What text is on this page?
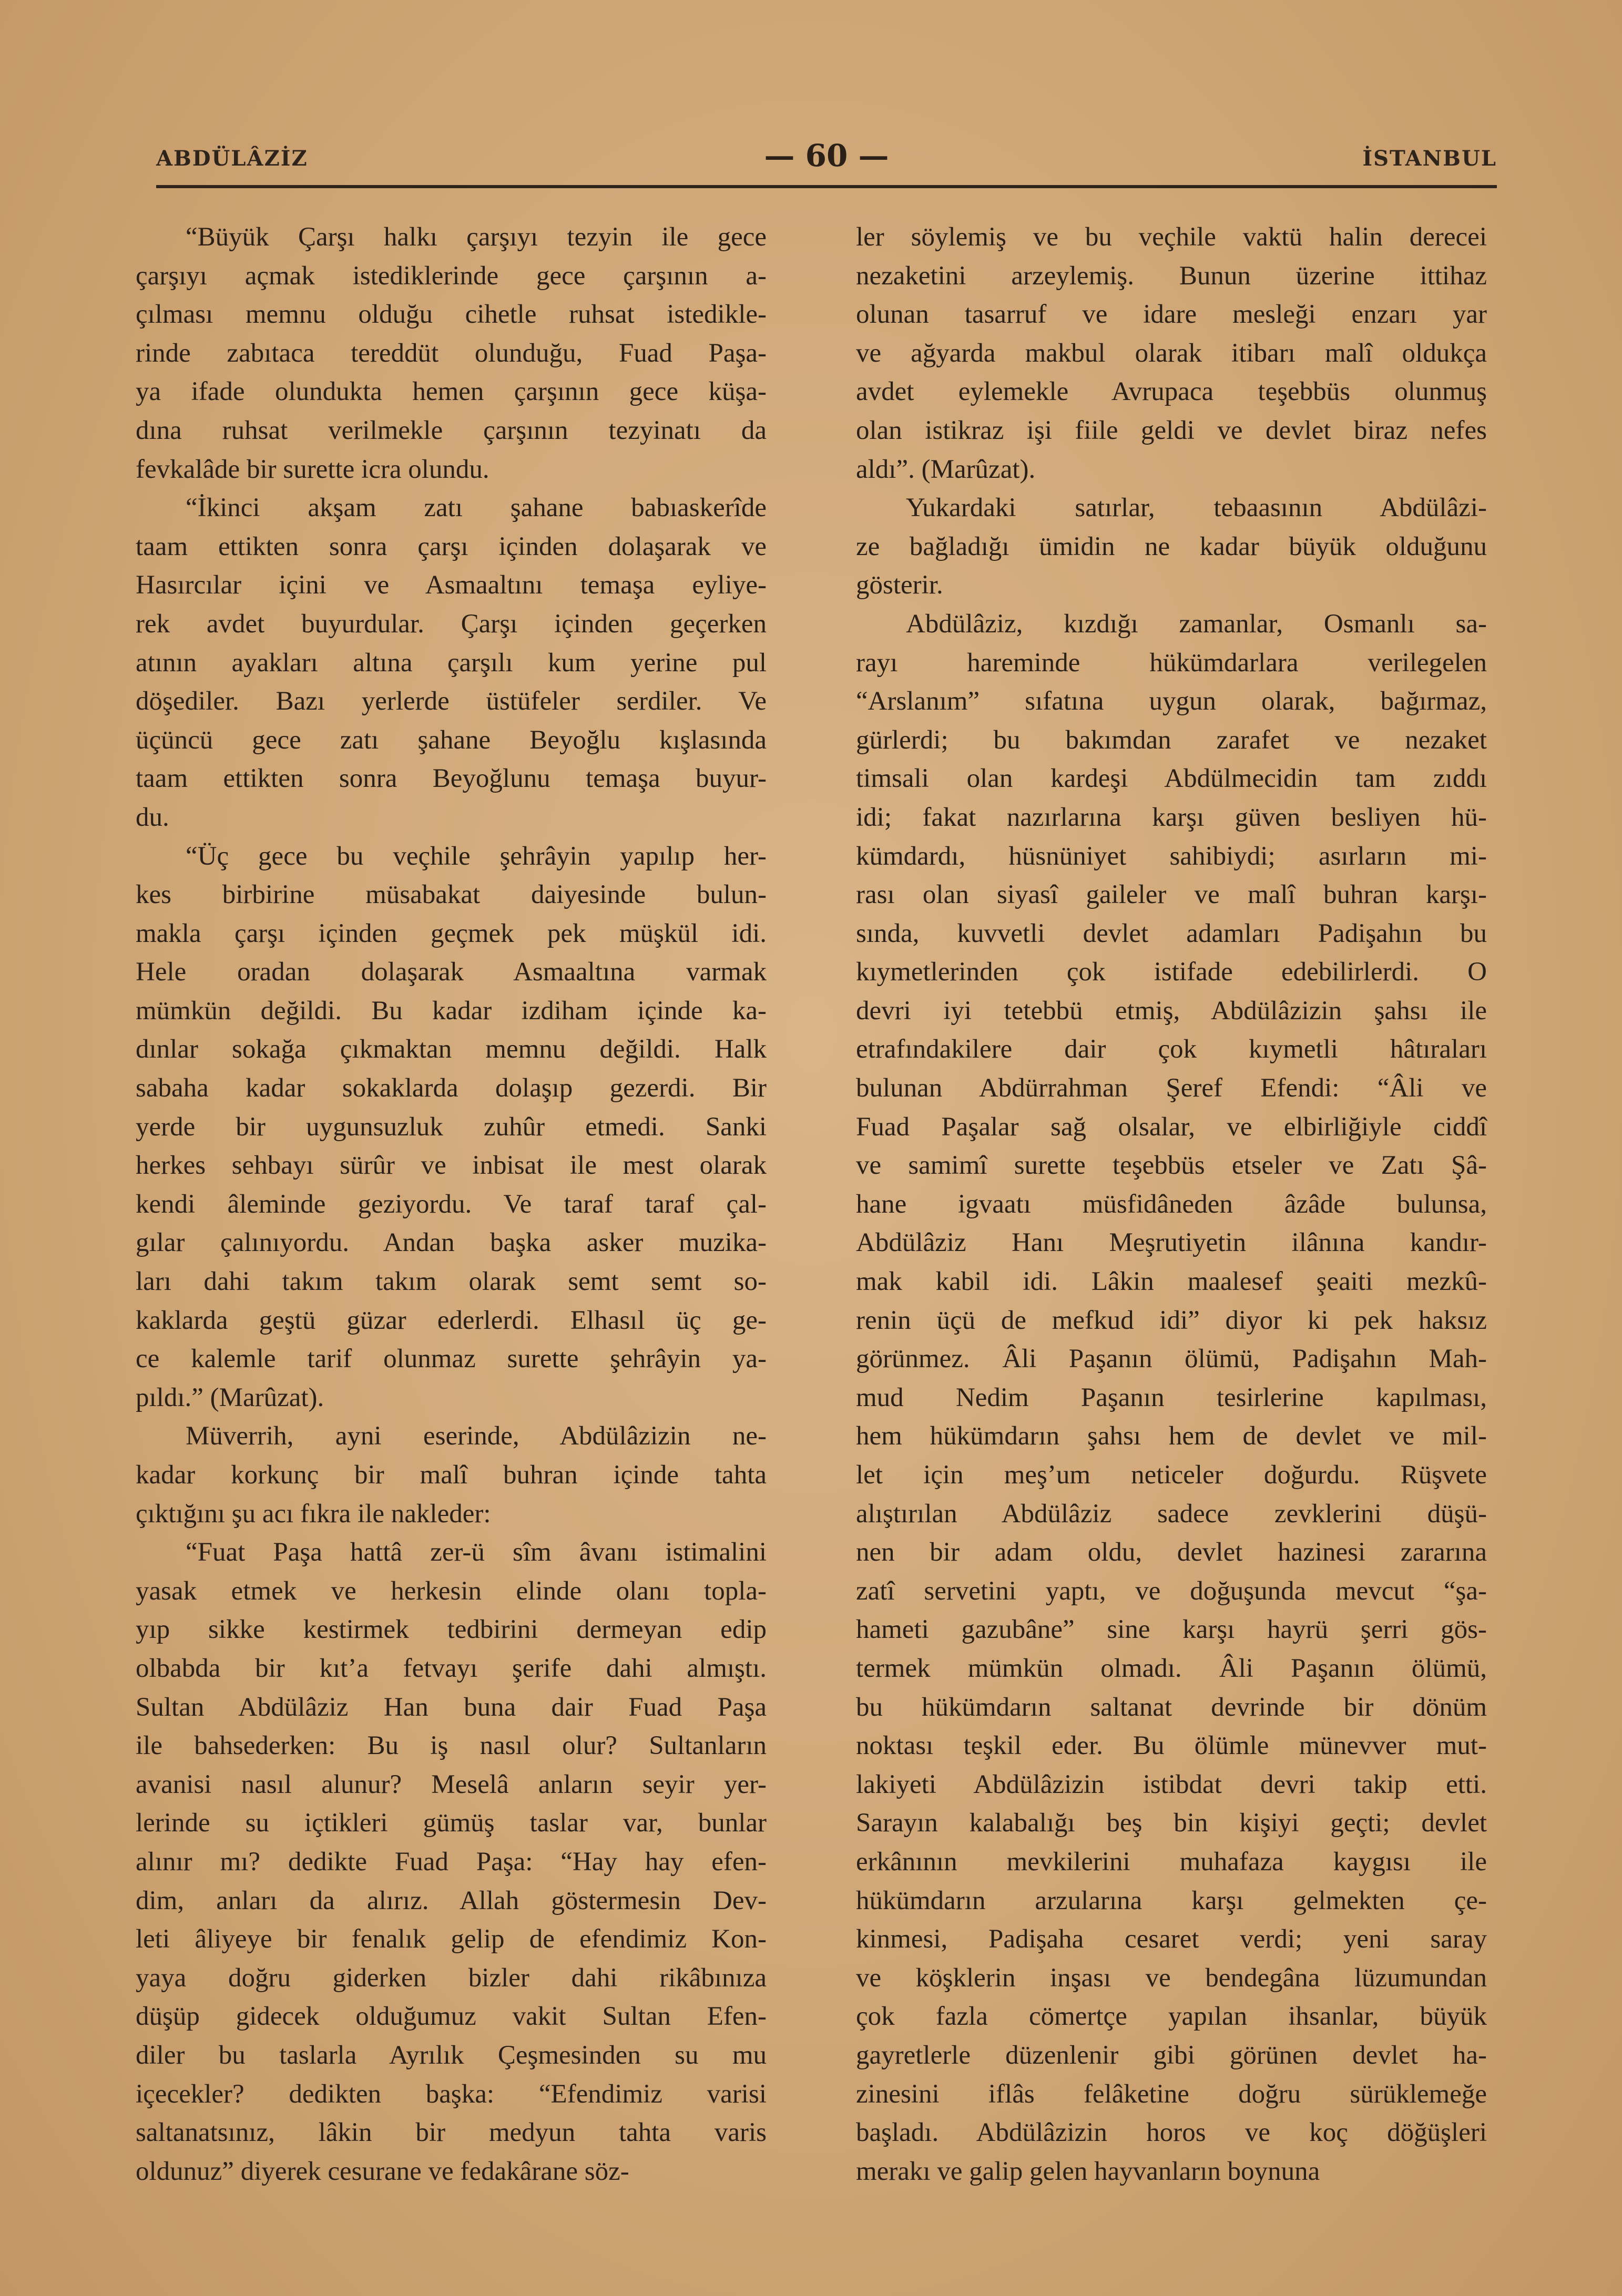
ABDÜLÂZİZ	— 60 —	İSTANBUL
“Büyük Çarşı halkı çarşıyı tezyin ile gece
çarşıyı açmak istediklerinde gece çarşının a-
çılması memnu olduğu cihetle ruhsat istedikle-
rinde zabıtaca tereddüt olunduğu, Fuad Paşa-
ya ifade olundukta hemen çarşının gece küşa-
dına ruhsat verilmekle çarşının tezyinatı da
fevkalâde bir surette icra olundu.
“İkinci akşam zatı şahane babıaskerîde
taam ettikten sonra çarşı içinden dolaşarak ve
Hasırcılar içini ve Asmaaltını temaşa eyliye-
rek avdet buyurdular. Çarşı içinden geçerken
atının ayakları altına çarşılı kum yerine pul
döşediler. Bazı yerlerde üstüfeler serdiler. Ve
üçüncü gece zatı şahane Beyoğlu kışlasında
taam ettikten sonra Beyoğlunu temaşa buyur-
du.
“Üç gece bu veçhile şehrâyin yapılıp her-
kes birbirine müsabakat daiyesinde bulun-
makla çarşı içinden geçmek pek müşkül idi.
Hele oradan dolaşarak Asmaaltına varmak
mümkün değildi. Bu kadar izdiham içinde ka-
dınlar sokağa çıkmaktan memnu değildi. Halk
sabaha kadar sokaklarda dolaşıp gezerdi. Bir
yerde bir uygunsuzluk zuhûr etmedi. Sanki
herkes sehbayı sürûr ve inbisat ile mest olarak
kendi âleminde geziyordu. Ve taraf taraf çal-
gılar çalınıyordu. Andan başka asker muzika-
ları dahi takım takım olarak semt semt so-
kaklarda geştü güzar ederlerdi. Elhasıl üç ge-
ce kalemle tarif olunmaz surette şehrâyin ya-
pıldı.” (Marûzat).
Müverrih, ayni eserinde, Abdülâzizin ne-
kadar korkunç bir malî buhran içinde tahta
çıktığını şu acı fıkra ile nakleder:
“Fuat Paşa hattâ zer-ü sîm âvanı istimalini
yasak etmek ve herkesin elinde olanı topla-
yıp sikke kestirmek tedbirini dermeyan edip
olbabda bir kıt’a fetvayı şerife dahi almıştı.
Sultan Abdülâziz Han buna dair Fuad Paşa
ile bahsederken: Bu iş nasıl olur? Sultanların
avanisi nasıl alunur? Meselâ anların seyir yer-
lerinde su içtikleri gümüş taslar var, bunlar
alınır mı? dedikte Fuad Paşa: “Hay hay efen-
dim, anları da alırız. Allah göstermesin Dev-
leti âliyeye bir fenalık gelip de efendimiz Kon-
yaya doğru giderken bizler dahi rikâbınıza
düşüp gidecek olduğumuz vakit Sultan Efen-
diler bu taslarla Ayrılık Çeşmesinden su mu
içecekler? dedikten başka: “Efendimiz varisi
saltanatsınız, lâkin bir medyun tahta varis
oldunuz” diyerek cesurane ve fedakârane söz-
ler söylemiş ve bu veçhile vaktü halin derecei
nezaketini arzeylemiş. Bunun üzerine ittihaz
olunan tasarruf ve idare mesleği enzarı yar
ve ağyarda makbul olarak itibarı malî oldukça
avdet eylemekle Avrupaca teşebbüs olunmuş
olan istikraz işi fiile geldi ve devlet biraz nefes
aldı”. (Marûzat).
Yukardaki satırlar, tebaasının Abdülâzi-
ze bağladığı ümidin ne kadar büyük olduğunu
gösterir.
Abdülâziz, kızdığı zamanlar, Osmanlı sa-
rayı hareminde hükümdarlara verilegelen
“Arslanım” sıfatına uygun olarak, bağırmaz,
gürlerdi; bu bakımdan zarafet ve nezaket
timsali olan kardeşi Abdülmecidin tam zıddı
idi; fakat nazırlarına karşı güven besliyen hü-
kümdardı, hüsnüniyet sahibiydi; asırların mi-
rası olan siyasî gaileler ve malî buhran karşı-
sında, kuvvetli devlet adamları Padişahın bu
kıymetlerinden çok istifade edebilirlerdi. O
devri iyi tetebbü etmiş, Abdülâzizin şahsı ile
etrafındakilere dair çok kıymetli hâtıraları
bulunan Abdürrahman Şeref Efendi: “Âli ve
Fuad Paşalar sağ olsalar, ve elbirliğiyle ciddî
ve samimî surette teşebbüs etseler ve Zatı Şâ-
hane igvaatı müsfidâneden âzâde bulunsa,
Abdülâziz Hanı Meşrutiyetin ilânına kandır-
mak kabil idi. Lâkin maalesef şeaiti mezkû-
renin üçü de mefkud idi” diyor ki pek haksız
görünmez. Âli Paşanın ölümü, Padişahın Mah-
mud Nedim Paşanın tesirlerine kapılması,
hem hükümdarın şahsı hem de devlet ve mil-
let için meş’um neticeler doğurdu. Rüşvete
alıştırılan Abdülâziz sadece zevklerini düşü-
nen bir adam oldu, devlet hazinesi zararına
zatî servetini yaptı, ve doğuşunda mevcut “şa-
hameti gazubâne” sine karşı hayrü şerri gös-
termek mümkün olmadı. Âli Paşanın ölümü,
bu hükümdarın saltanat devrinde bir dönüm
noktası teşkil eder. Bu ölümle münevver mut-
lakiyeti Abdülâzizin istibdat devri takip etti.
Sarayın kalabalığı beş bin kişiyi geçti; devlet
erkânının mevkilerini muhafaza kaygısı ile
hükümdarın arzularına karşı gelmekten çe-
kinmesi, Padişaha cesaret verdi; yeni saray
ve köşklerin inşası ve bendegâna lüzumundan
çok fazla cömertçe yapılan ihsanlar, büyük
gayretlerle düzenlenir gibi görünen devlet ha-
zinesini iflâs felâketine doğru sürüklemeğe
başladı. Abdülâzizin horos ve koç döğüşleri
merakı ve galip gelen hayvanların boynuna
